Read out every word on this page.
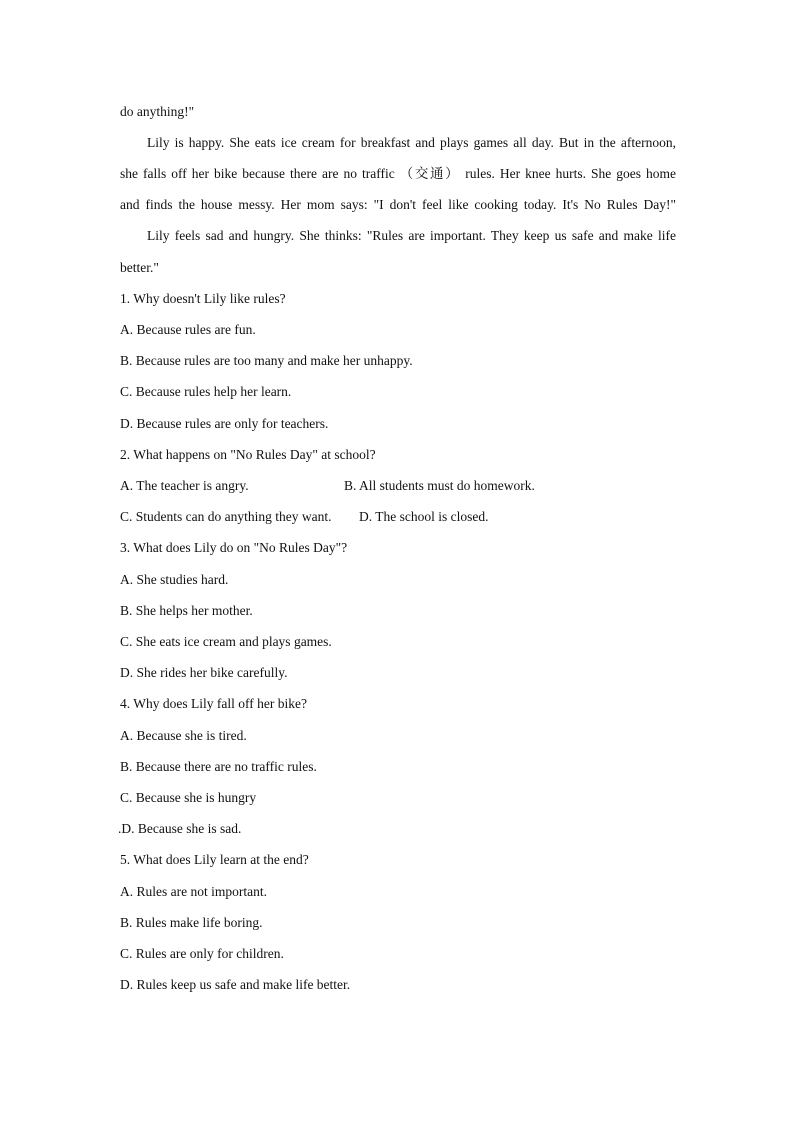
do anything!"
Lily is happy. She eats ice cream for breakfast and plays games all day. But in the afternoon,
she falls off her bike because there are no traffic （交通） rules. Her knee hurts. She goes home
and finds the house messy. Her mom says: "I don't feel like cooking today. It's No Rules Day!"
Lily feels sad and hungry. She thinks: "Rules are important. They keep us safe and make life
better."
1. Why doesn't Lily like rules?
A. Because rules are fun.
B. Because rules are too many and make her unhappy.
C. Because rules help her learn.
D. Because rules are only for teachers.
2. What happens on "No Rules Day" at school?
A. The teacher is angry.	B. All students must do homework.
C. Students can do anything they want.	D. The school is closed.
3. What does Lily do on "No Rules Day"?
A. She studies hard.
B. She helps her mother.
C. She eats ice cream and plays games.
D. She rides her bike carefully.
4. Why does Lily fall off her bike?
A. Because she is tired.
B. Because there are no traffic rules.
C. Because she is hungry
.D. Because she is sad.
5. What does Lily learn at the end?
A. Rules are not important.
B. Rules make life boring.
C. Rules are only for children.
D. Rules keep us safe and make life better.
